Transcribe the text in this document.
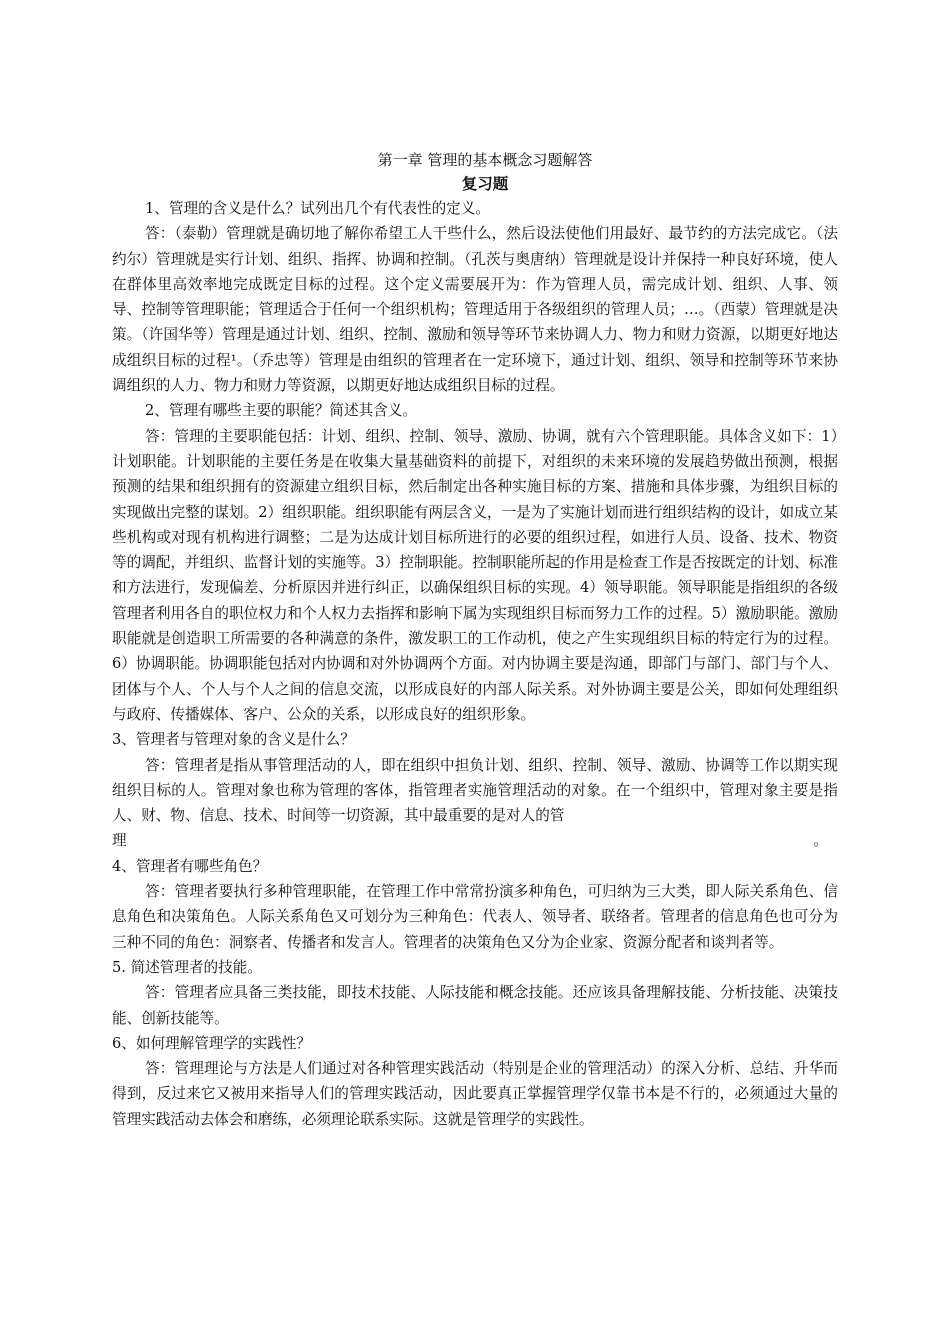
第一章 管理的基本概念习题解答

复习题

1、管理的含义是什么？试列出几个有代表性的定义。

答：（泰勒）管理就是确切地了解你希望工人干些什么，然后设法使他们用最好、最节约的方法完成它。（法约尔）管理就是实行计划、组织、指挥、协调和控制。（孔茨与奥唐纳）管理就是设计并保持一种良好环境，使人在群体里高效率地完成既定目标的过程。这个定义需要展开为：作为管理人员，需完成计划、组织、人事、领导、控制等管理职能；管理适合于任何一个组织机构；管理适用于各级组织的管理人员；…。（西蒙）管理就是决策。（许国华等）管理是通过计划、组织、控制、激励和领导等环节来协调人力、物力和财力资源，以期更好地达成组织目标的过程¹。（乔忠等）管理是由组织的管理者在一定环境下，通过计划、组织、领导和控制等环节来协调组织的人力、物力和财力等资源，以期更好地达成组织目标的过程。

2、管理有哪些主要的职能？简述其含义。

答：管理的主要职能包括：计划、组织、控制、领导、激励、协调，就有六个管理职能。具体含义如下：1）计划职能。计划职能的主要任务是在收集大量基础资料的前提下，对组织的未来环境的发展趋势做出预测，根据预测的结果和组织拥有的资源建立组织目标，然后制定出各种实施目标的方案、措施和具体步骤，为组织目标的实现做出完整的谋划。2）组织职能。组织职能有两层含义，一是为了实施计划而进行组织结构的设计，如成立某些机构或对现有机构进行调整；二是为达成计划目标所进行的必要的组织过程，如进行人员、设备、技术、物资等的调配，并组织、监督计划的实施等。3）控制职能。控制职能所起的作用是检查工作是否按既定的计划、标准和方法进行，发现偏差、分析原因并进行纠正，以确保组织目标的实现。4）领导职能。领导职能是指组织的各级管理者利用各自的职位权力和个人权力去指挥和影响下属为实现组织目标而努力工作的过程。5）激励职能。激励职能就是创造职工所需要的各种满意的条件，激发职工的工作动机，使之产生实现组织目标的特定行为的过程。6）协调职能。协调职能包括对内协调和对外协调两个方面。对内协调主要是沟通，即部门与部门、部门与个人、团体与个人、个人与个人之间的信息交流，以形成良好的内部人际关系。对外协调主要是公关，即如何处理组织与政府、传播媒体、客户、公众的关系，以形成良好的组织形象。

3、管理者与管理对象的含义是什么？

答：管理者是指从事管理活动的人，即在组织中担负计划、组织、控制、领导、激励、协调等工作以期实现组织目标的人。管理对象也称为管理的客体，指管理者实施管理活动的对象。在一个组织中，管理对象主要是指人、财、物、信息、技术、时间等一切资源，其中最重要的是对人的管

理	。

4、管理者有哪些角色？

答：管理者要执行多种管理职能，在管理工作中常常扮演多种角色，可归纳为三大类，即人际关系角色、信息角色和决策角色。人际关系角色又可划分为三种角色：代表人、领导者、联络者。管理者的信息角色也可分为三种不同的角色：洞察者、传播者和发言人。管理者的决策角色又分为企业家、资源分配者和谈判者等。

5. 简述管理者的技能。

答：管理者应具备三类技能，即技术技能、人际技能和概念技能。还应该具备理解技能、分析技能、决策技能、创新技能等。

6、如何理解管理学的实践性？

答：管理理论与方法是人们通过对各种管理实践活动（特别是企业的管理活动）的深入分析、总结、升华而得到，反过来它又被用来指导人们的管理实践活动，因此要真正掌握管理学仅靠书本是不行的，必须通过大量的管理实践活动去体会和磨练，必须理论联系实际。这就是管理学的实践性。
